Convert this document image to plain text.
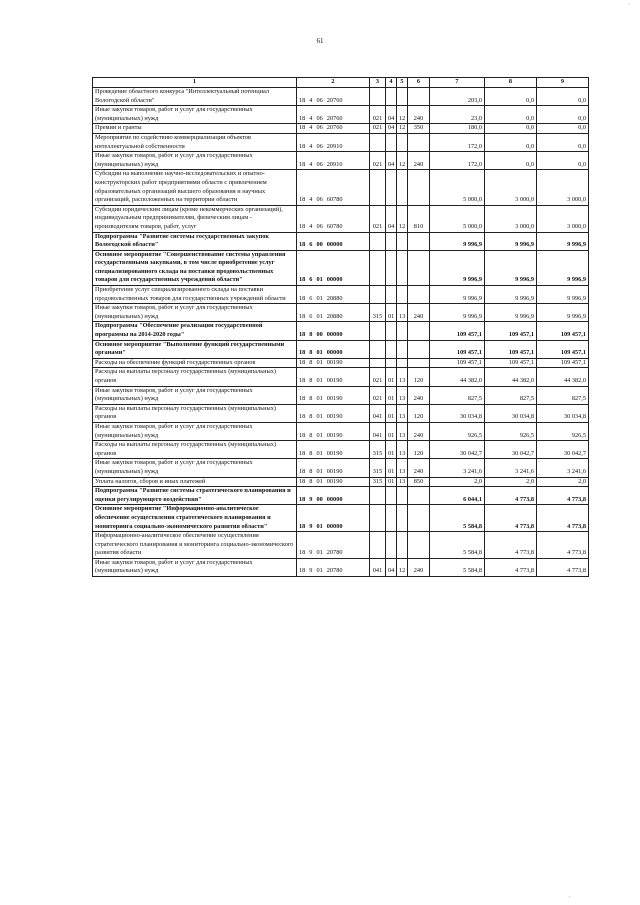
·
61
1	2	3	4	5	6	7	8	9
Проведение областного конкурса "Интеллектуальный потенциал Вологодской области"	18 4 06 20760					203,0	0,0	0,0
Иные закупки товаров, работ и услуг для государственных (муниципальных) нужд	18 4 06 20760	021	04	12	240	23,0	0,0	0,0
Премии и гранты	18 4 06 20760	021	04	12	350	180,0	0,0	0,0
Мероприятие по содействию коммерциализации объектов интеллектуальной собственности	18 4 06 20910					172,0	0,0	0,0
Иные закупки товаров, работ и услуг для государственных (муниципальных) нужд	18 4 06 20910	021	04	12	240	172,0	0,0	0,0
Субсидии на выполнение научно-исследовательских и опытно-конструкторских работ предприятиями области с привлечением образовательных организаций высшего образования и научных организаций, расположенных на территории области	18 4 06 60780					5 000,0	3 000,0	3 000,0
Субсидии юридическим лицам (кроме некоммерческих организаций), индивидуальным предпринимателям, физическим лицам - производителям товаров, работ, услуг	18 4 06 60780	021	04	12	810	5 000,0	3 000,0	3 000,0
Подпрограмма "Развитие системы государственных закупок Вологодской области"	18 6 00 00000					9 996,9	9 996,9	9 996,9
Основное мероприятие "Совершенствование системы управления государственными закупками, в том числе приобретение услуг специализированного склада на поставки продовольственных товаров для государственных учреждений области"	18 6 01 00000					9 996,9	9 996,9	9 996,9
Приобретение услуг специализированного склада на поставки продовольственных товаров для государственных учреждений области	18 6 01 20880					9 996,9	9 996,9	9 996,9
Иные закупки товаров, работ и услуг для государственных (муниципальных) нужд	18 6 01 20880	315	01	13	240	9 996,9	9 996,9	9 996,9
Подпрограмма "Обеспечение реализации государственной программы на 2014-2020 годы"	18 8 00 00000					109 457,1	109 457,1	109 457,1
Основное мероприятие "Выполнение функций государственными органами"	18 8 01 00000					109 457,1	109 457,1	109 457,1
Расходы на обеспечение функций государственных органов	18 8 01 00190					109 457,1	109 457,1	109 457,1
Расходы на выплаты персоналу государственных (муниципальных) органов	18 8 01 00190	021	01	13	120	44 382,0	44 382,0	44 382,0
Иные закупки товаров, работ и услуг для государственных (муниципальных) нужд	18 8 01 00190	021	01	13	240	827,5	827,5	827,5
Расходы на выплаты персоналу государственных (муниципальных) органов	18 8 01 00190	041	01	13	120	30 034,8	30 034,8	30 034,8
Иные закупки товаров, работ и услуг для государственных (муниципальных) нужд	18 8 01 00190	041	01	13	240	926,5	926,5	926,5
Расходы на выплаты персоналу государственных (муниципальных) органов	18 8 01 00190	315	01	13	120	30 042,7	30 042,7	30 042,7
Иные закупки товаров, работ и услуг для государственных (муниципальных) нужд	18 8 01 00190	315	01	13	240	3 241,6	3 241,6	3 241,6
Уплата налогов, сборов и иных платежей	18 8 01 00190	315	01	13	850	2,0	2,0	2,0
Подпрограмма "Развитие системы стратегического планирования и оценки регулирующего воздействия"	18 9 00 00000					6 044,1	4 773,8	4 773,8
Основное мероприятие "Информационно-аналитическое обеспечение осуществления стратегического планирования и мониторинга социально-экономического развития области"	18 9 01 00000					5 584,8	4 773,8	4 773,8
Информационно-аналитическое обеспечение осуществления стратегического планирования и мониторинга социально-экономического развития области	18 9 01 20780					5 584,8	4 773,8	4 773,8
Иные закупки товаров, работ и услуг для государственных (муниципальных) нужд	18 9 01 20780	041	04	12	240	5 584,8	4 773,8	4 773,8
.
